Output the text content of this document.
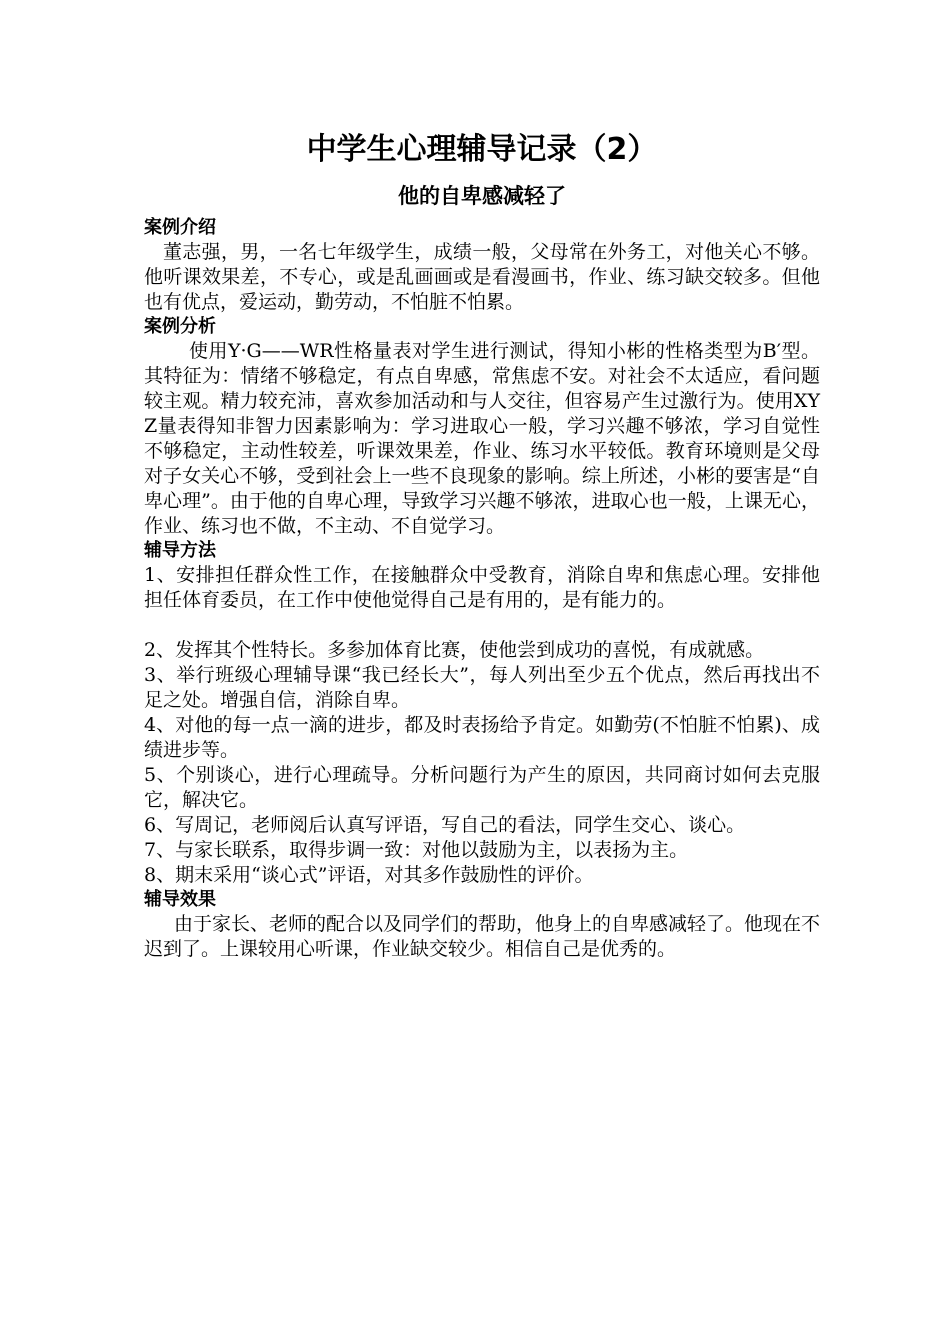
中学生心理辅导记录（2）
他的自卑感减轻了
案例介绍

董志强，男，一名七年级学生，成绩一般，父母常在外务工，对他关心不够。他听课效果差，不专心，或是乱画画或是看漫画书，作业、练习缺交较多。但他也有优点，爱运动，勤劳动，不怕脏不怕累。

案例分析

使用Y·G——WR性格量表对学生进行测试，得知小彬的性格类型为B′型。其特征为：情绪不够稳定，有点自卑感，常焦虑不安。对社会不太适应，看问题较主观。精力较充沛，喜欢参加活动和与人交往，但容易产生过激行为。使用XYZ量表得知非智力因素影响为：学习进取心一般，学习兴趣不够浓，学习自觉性不够稳定，主动性较差，听课效果差，作业、练习水平较低。教育环境则是父母对子女关心不够，受到社会上一些不良现象的影响。综上所述，小彬的要害是“自卑心理”。由于他的自卑心理，导致学习兴趣不够浓，进取心也一般，上课无心，作业、练习也不做，不主动、不自觉学习。

辅导方法

1、安排担任群众性工作，在接触群众中受教育，消除自卑和焦虑心理。安排他担任体育委员，在工作中使他觉得自己是有用的，是有能力的。

2、发挥其个性特长。多参加体育比赛，使他尝到成功的喜悦，有成就感。

3、举行班级心理辅导课“我已经长大”，每人列出至少五个优点，然后再找出不足之处。增强自信，消除自卑。

4、对他的每一点一滴的进步，都及时表扬给予肯定。如勤劳(不怕脏不怕累)、成绩进步等。

5、个别谈心，进行心理疏导。分析问题行为产生的原因，共同商讨如何去克服它，解决它。

6、写周记，老师阅后认真写评语，写自己的看法，同学生交心、谈心。

7、与家长联系，取得步调一致：对他以鼓励为主，以表扬为主。

8、期末采用“谈心式”评语，对其多作鼓励性的评价。

辅导效果

由于家长、老师的配合以及同学们的帮助，他身上的自卑感减轻了。他现在不迟到了。上课较用心听课，作业缺交较少。相信自己是优秀的。
